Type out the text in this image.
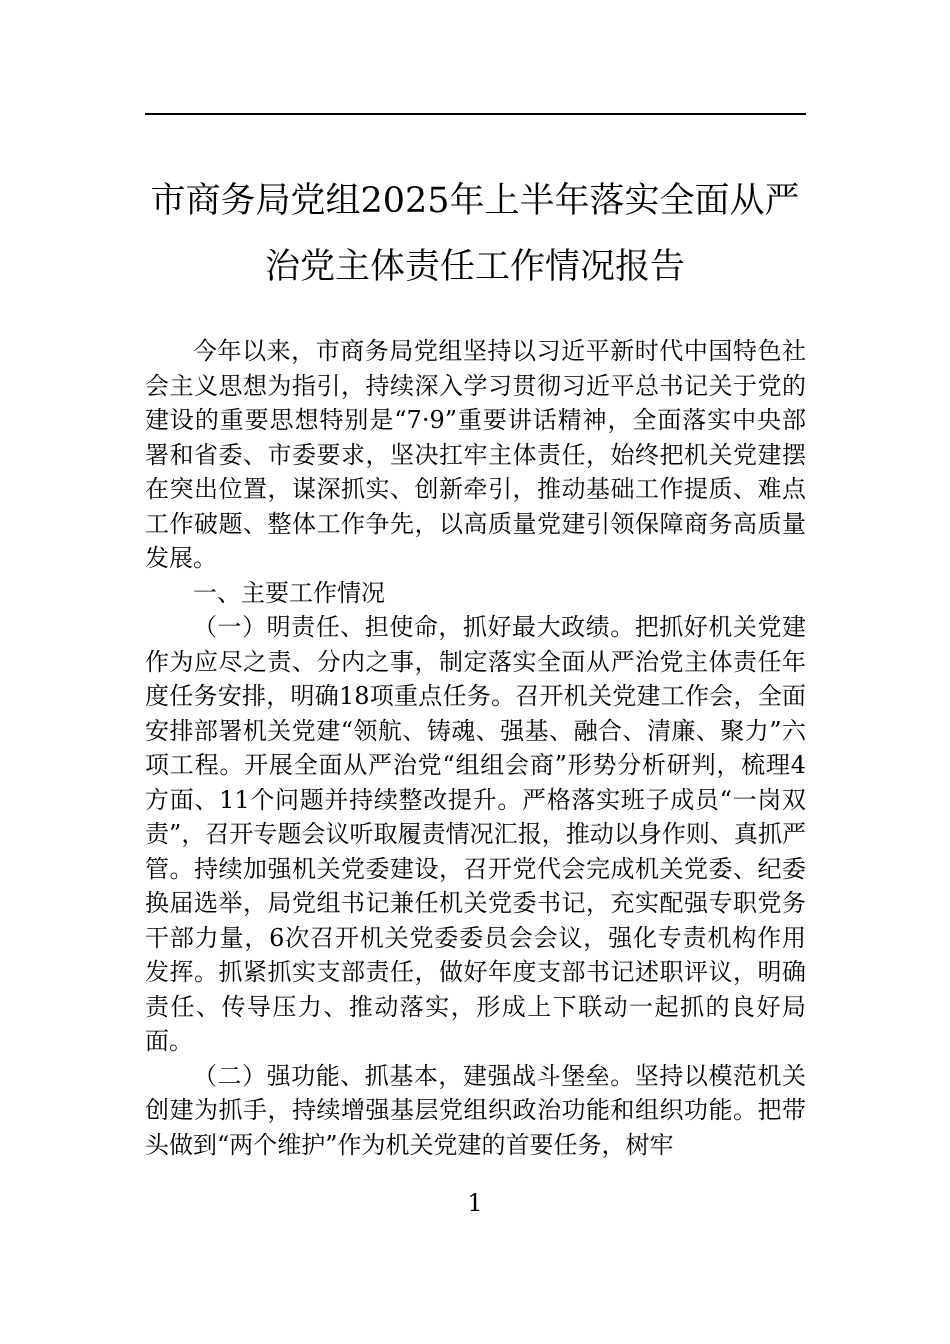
市商务局党组2025年上半年落实全面从严
治党主体责任工作情况报告

今年以来，市商务局党组坚持以习近平新时代中国特色社会主义思想为指引，持续深入学习贯彻习近平总书记关于党的建设的重要思想特别是“7·9”重要讲话精神，全面落实中央部署和省委、市委要求，坚决扛牢主体责任，始终把机关党建摆在突出位置，谋深抓实、创新牵引，推动基础工作提质、难点工作破题、整体工作争先，以高质量党建引领保障商务高质量发展。

一、主要工作情况

（一）明责任、担使命，抓好最大政绩。把抓好机关党建作为应尽之责、分内之事，制定落实全面从严治党主体责任年度任务安排，明确18项重点任务。召开机关党建工作会，全面安排部署机关党建“领航、铸魂、强基、融合、清廉、聚力”六项工程。开展全面从严治党“组组会商”形势分析研判，梳理4方面、11个问题并持续整改提升。严格落实班子成员“一岗双责”，召开专题会议听取履责情况汇报，推动以身作则、真抓严管。持续加强机关党委建设，召开党代会完成机关党委、纪委换届选举，局党组书记兼任机关党委书记，充实配强专职党务干部力量，6次召开机关党委委员会会议，强化专责机构作用发挥。抓紧抓实支部责任，做好年度支部书记述职评议，明确责任、传导压力、推动落实，形成上下联动一起抓的良好局面。

（二）强功能、抓基本，建强战斗堡垒。坚持以模范机关创建为抓手，持续增强基层党组织政治功能和组织功能。把带头做到“两个维护”作为机关党建的首要任务，树牢

1
